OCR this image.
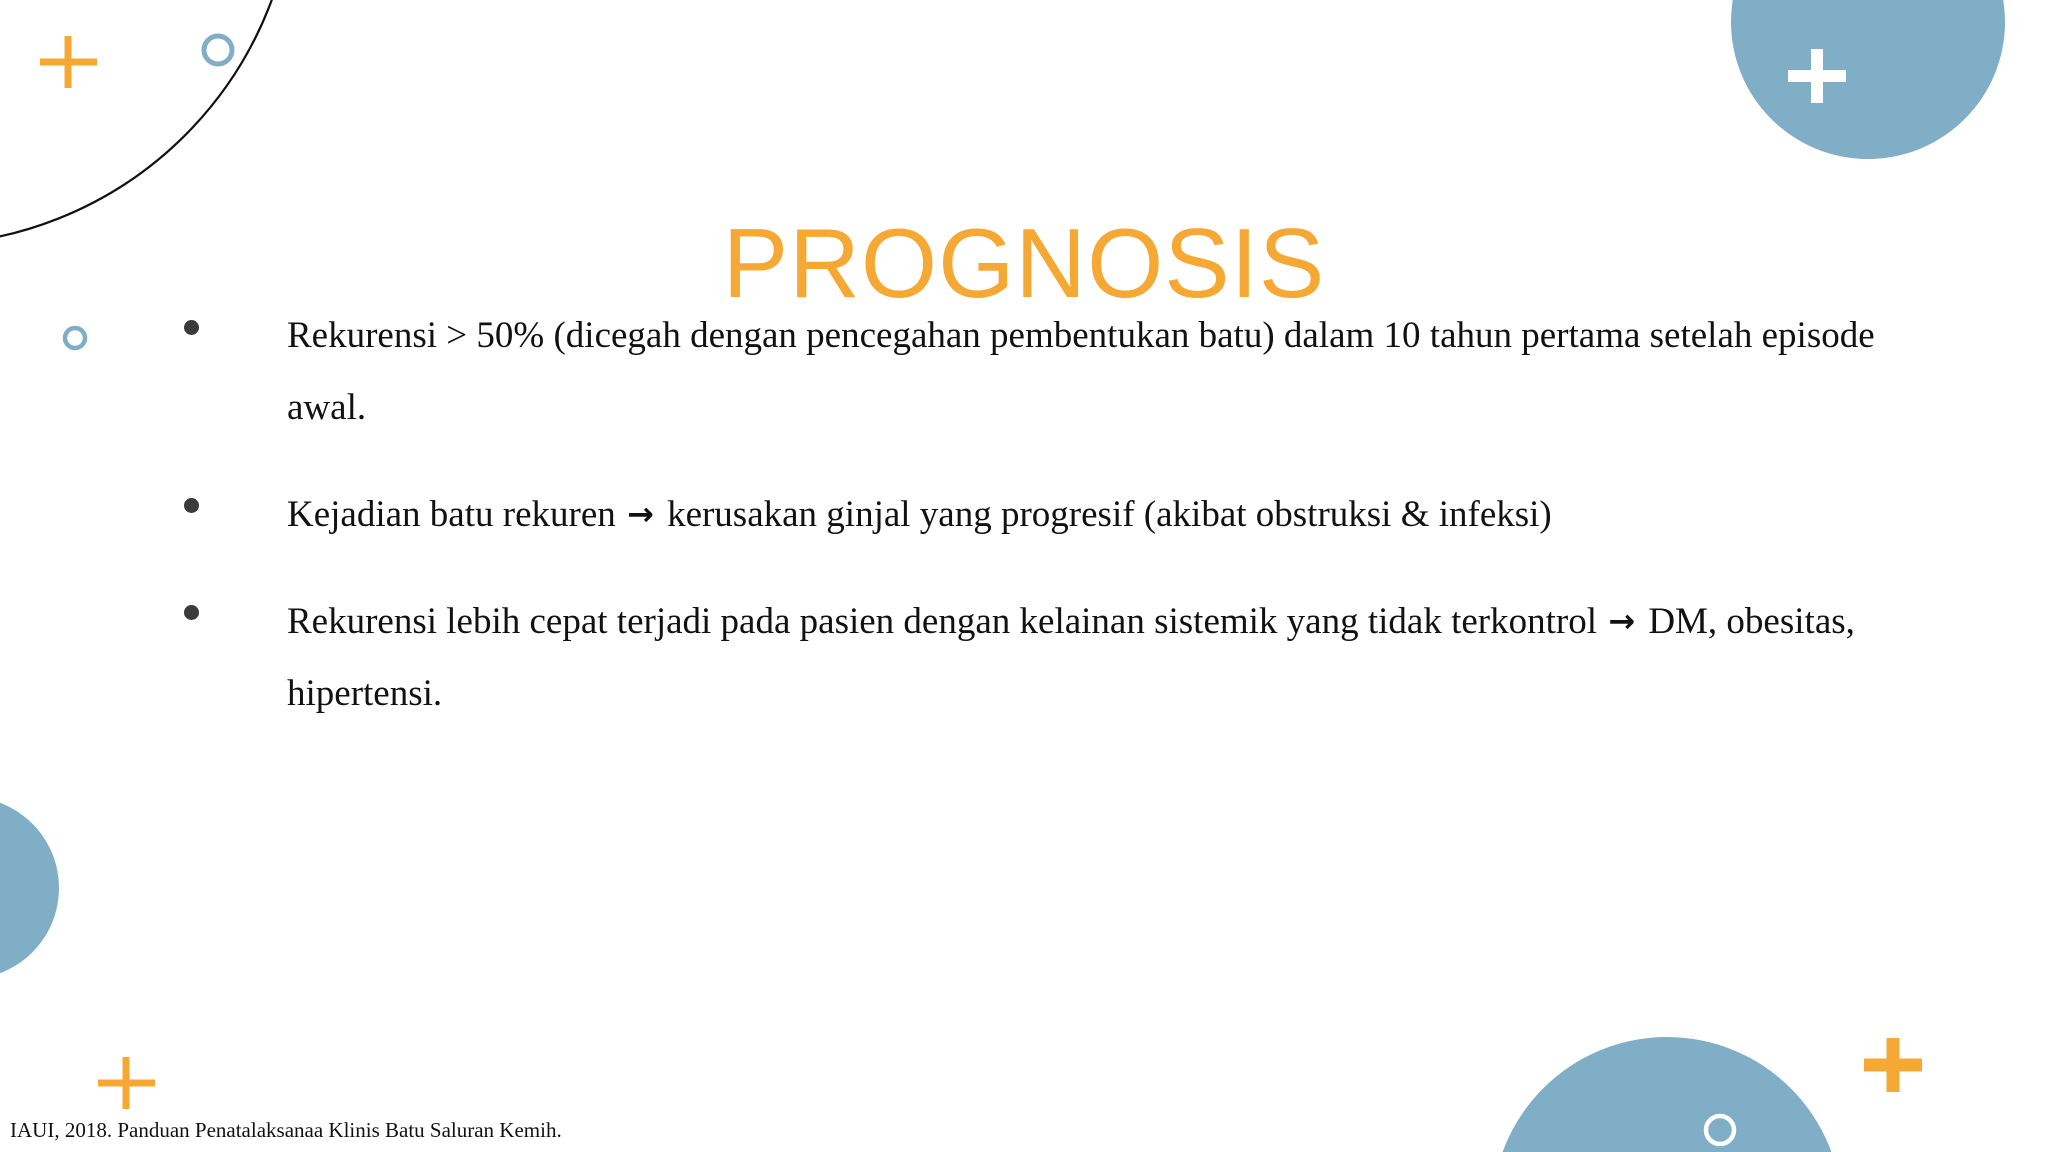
PROGNOSIS
Rekurensi > 50% (dicegah dengan pencegahan pembentukan batu) dalam 10 tahun pertama setelah episode awal.
Kejadian batu rekuren → kerusakan ginjal yang progresif (akibat obstruksi & infeksi)
Rekurensi lebih cepat terjadi pada pasien dengan kelainan sistemik yang tidak terkontrol → DM, obesitas, hipertensi.
IAUI, 2018. Panduan Penatalaksanaa Klinis Batu Saluran Kemih.
